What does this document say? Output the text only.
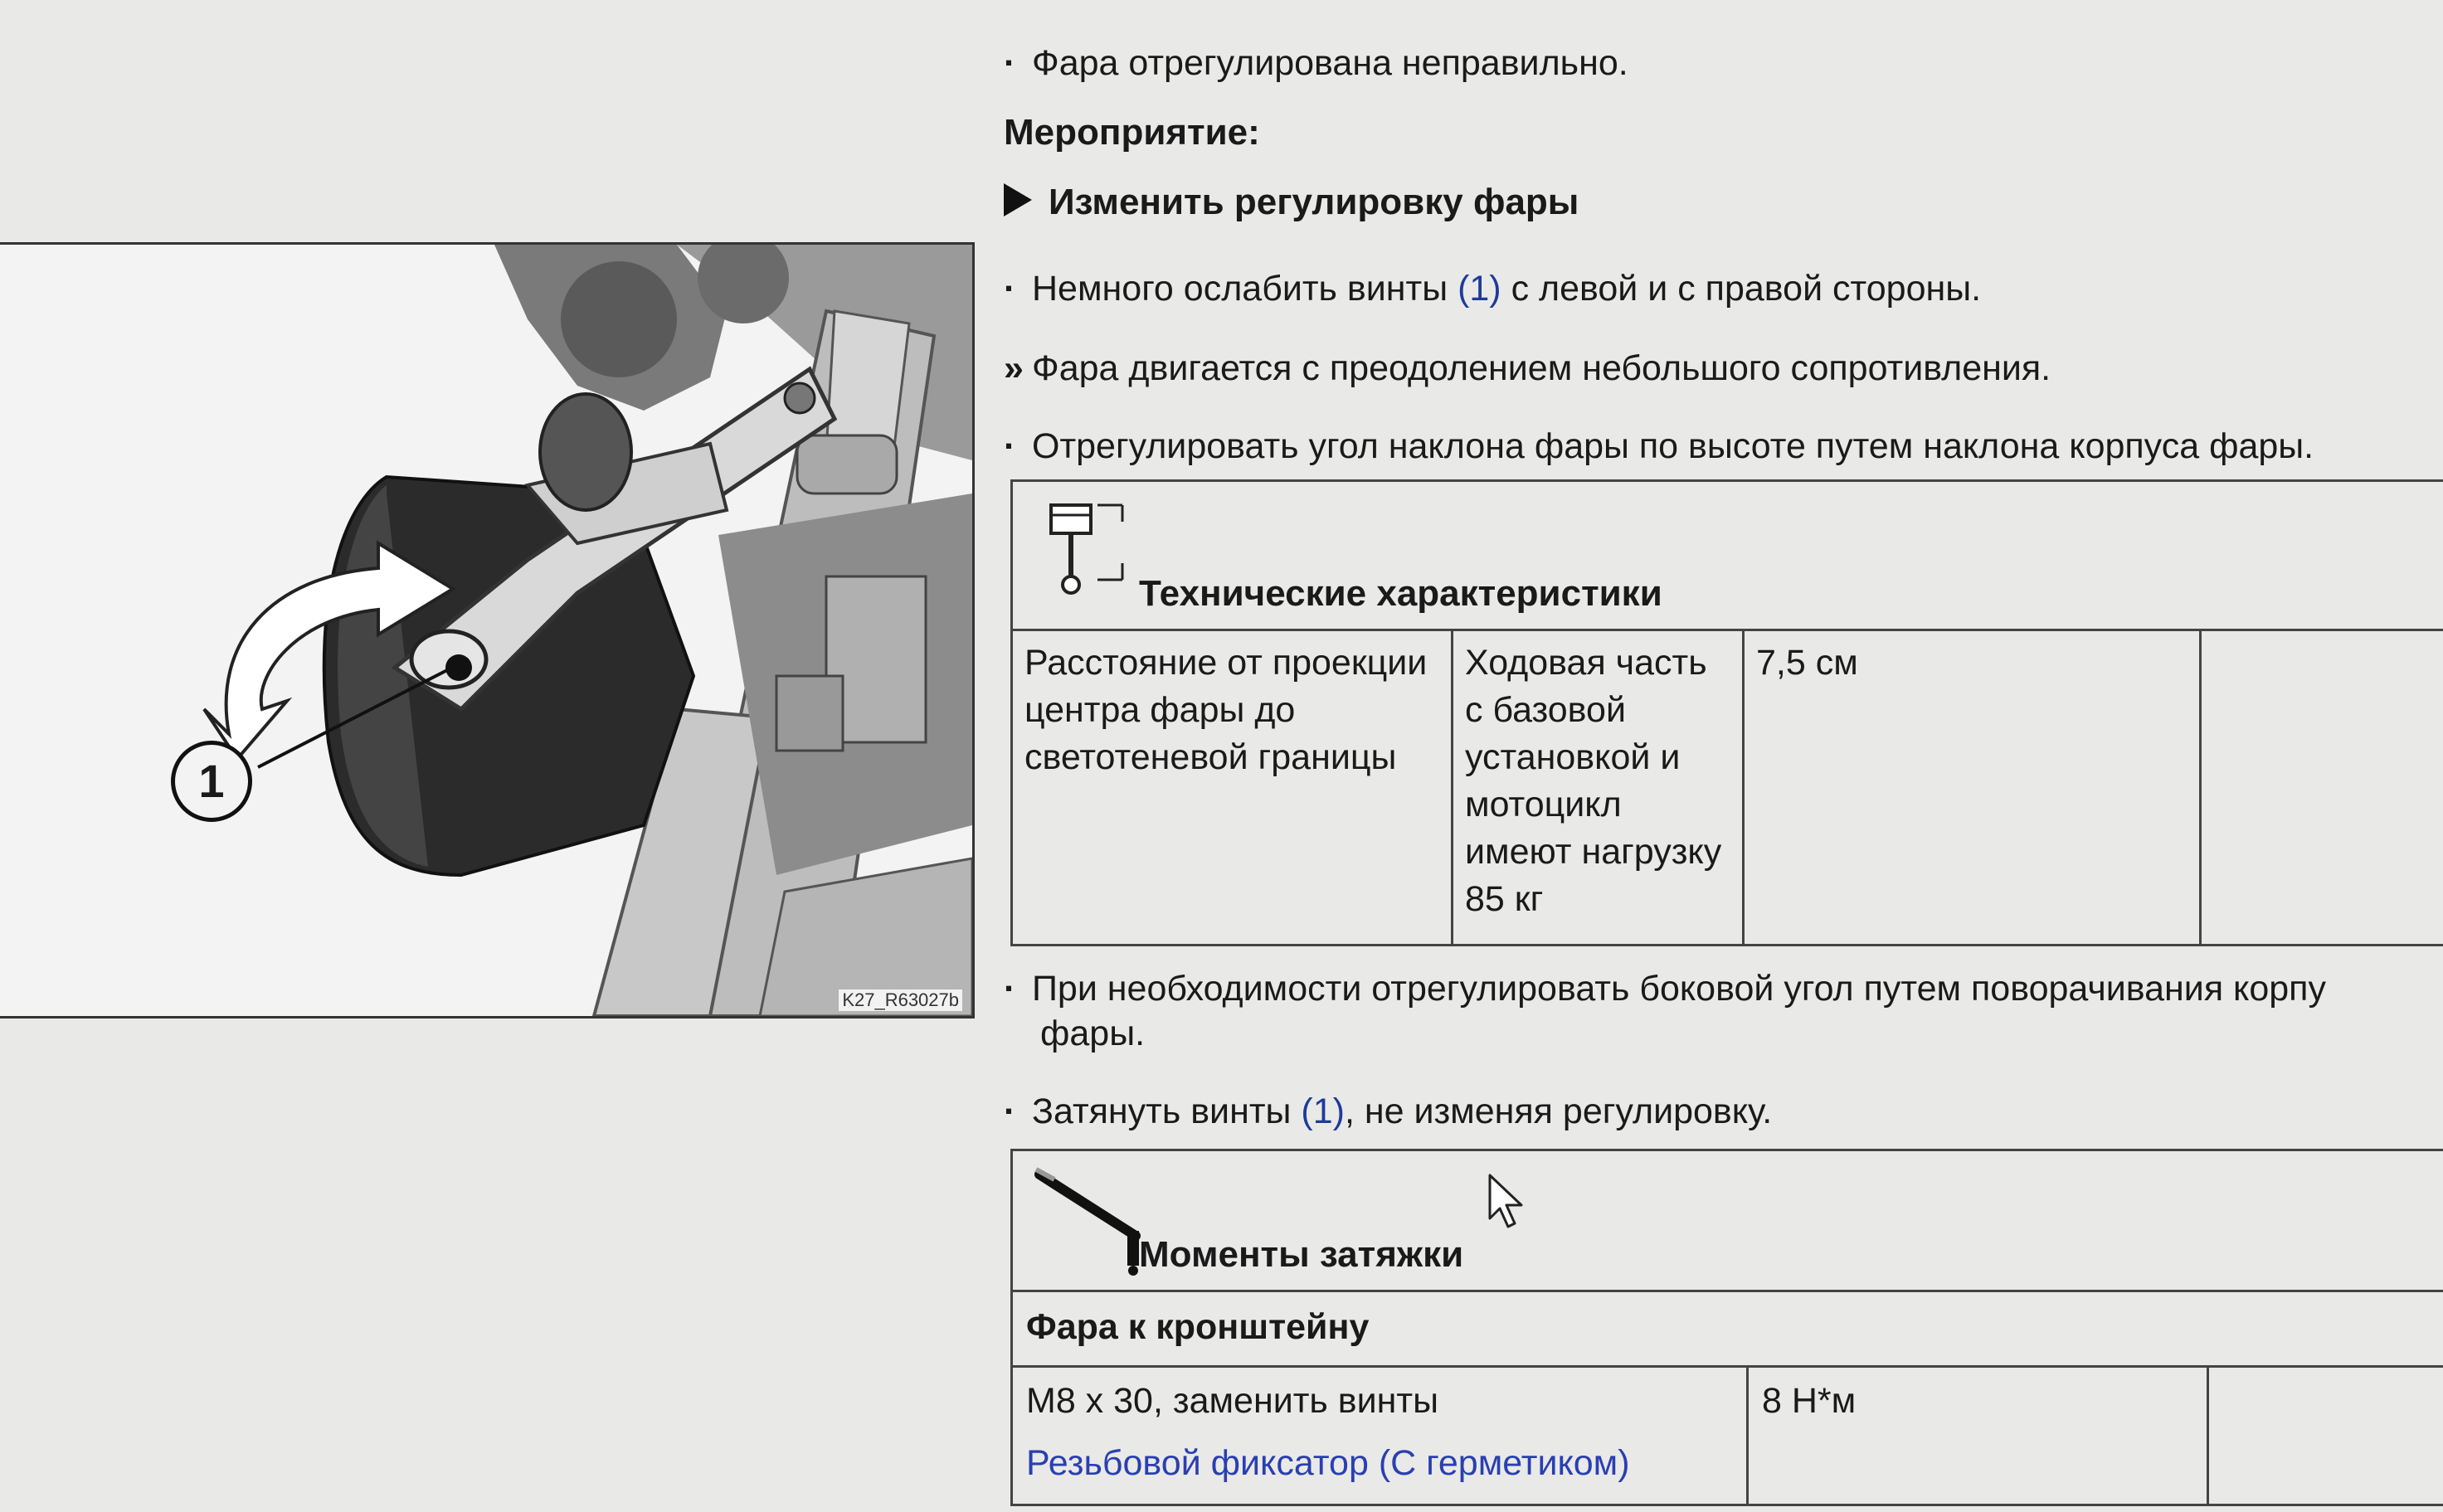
1
K27_R63027b
· Фара отрегулирована неправильно.
Мероприятие:
Изменить регулировку фары
· Немного ослабить винты (1) с левой и с правой стороны.
» Фара двигается с преодолением небольшого сопротивления.
· Отрегулировать угол наклона фары по высоте путем наклона корпуса фары.
Технические характеристики
Расстояние от проекции центра фары до светотеневой границы	Ходовая часть с базовой установкой и мотоцикл имеют нагрузку 85 кг	7,5 см	
· При необходимости отрегулировать боковой угол путем поворачивания корпу
фары.
· Затянуть винты (1), не изменяя регулировку.
Моменты затяжки
Фара к кронштейну

M8 x 30, заменить винты
Резьбовой фиксатор (С герметиком)
	8 Н*м	
